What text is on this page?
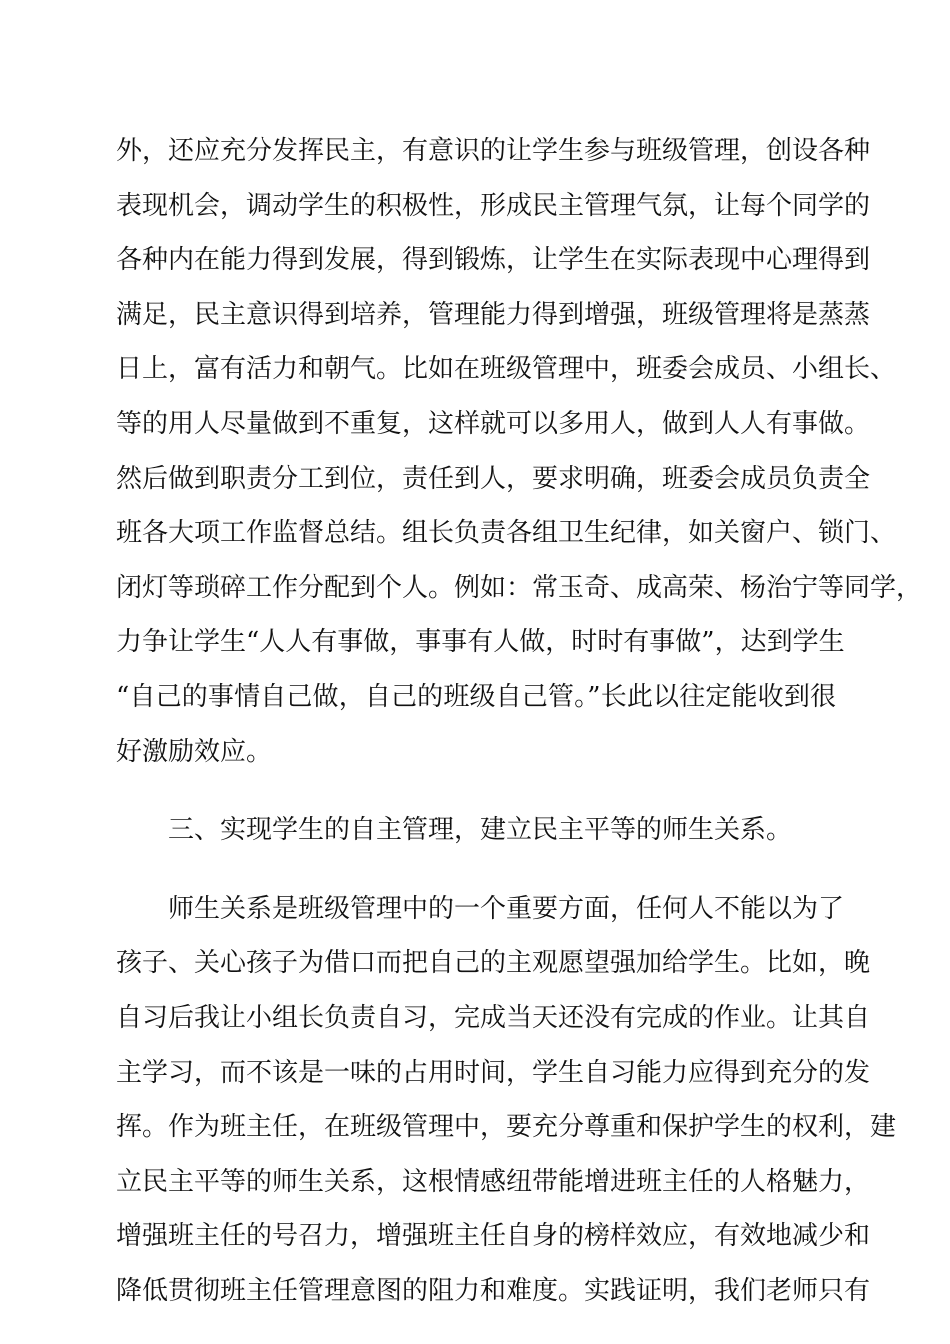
外，还应充分发挥民主，有意识的让学生参与班级管理，创设各种
表现机会，调动学生的积极性，形成民主管理气氛，让每个同学的
各种内在能力得到发展，得到锻炼，让学生在实际表现中心理得到
满足，民主意识得到培养，管理能力得到增强，班级管理将是蒸蒸
日上，富有活力和朝气。比如在班级管理中，班委会成员、小组长、
等的用人尽量做到不重复，这样就可以多用人，做到人人有事做。
然后做到职责分工到位，责任到人，要求明确，班委会成员负责全
班各大项工作监督总结。组长负责各组卫生纪律，如关窗户、锁门、
闭灯等琐碎工作分配到个人。例如：常玉奇、成高荣、杨治宁等同学，
力争让学生“人人有事做，事事有人做，时时有事做”，达到学生
“自己的事情自己做，自己的班级自己管。”长此以往定能收到很
好激励效应。
三、实现学生的自主管理，建立民主平等的师生关系。
师生关系是班级管理中的一个重要方面，任何人不能以为了
孩子、关心孩子为借口而把自己的主观愿望强加给学生。比如，晚
自习后我让小组长负责自习，完成当天还没有完成的作业。让其自
主学习，而不该是一味的占用时间，学生自习能力应得到充分的发
挥。作为班主任，在班级管理中，要充分尊重和保护学生的权利，建
立民主平等的师生关系，这根情感纽带能增进班主任的人格魅力，
增强班主任的号召力，增强班主任自身的榜样效应，有效地减少和
降低贯彻班主任管理意图的阻力和难度。实践证明，我们老师只有
